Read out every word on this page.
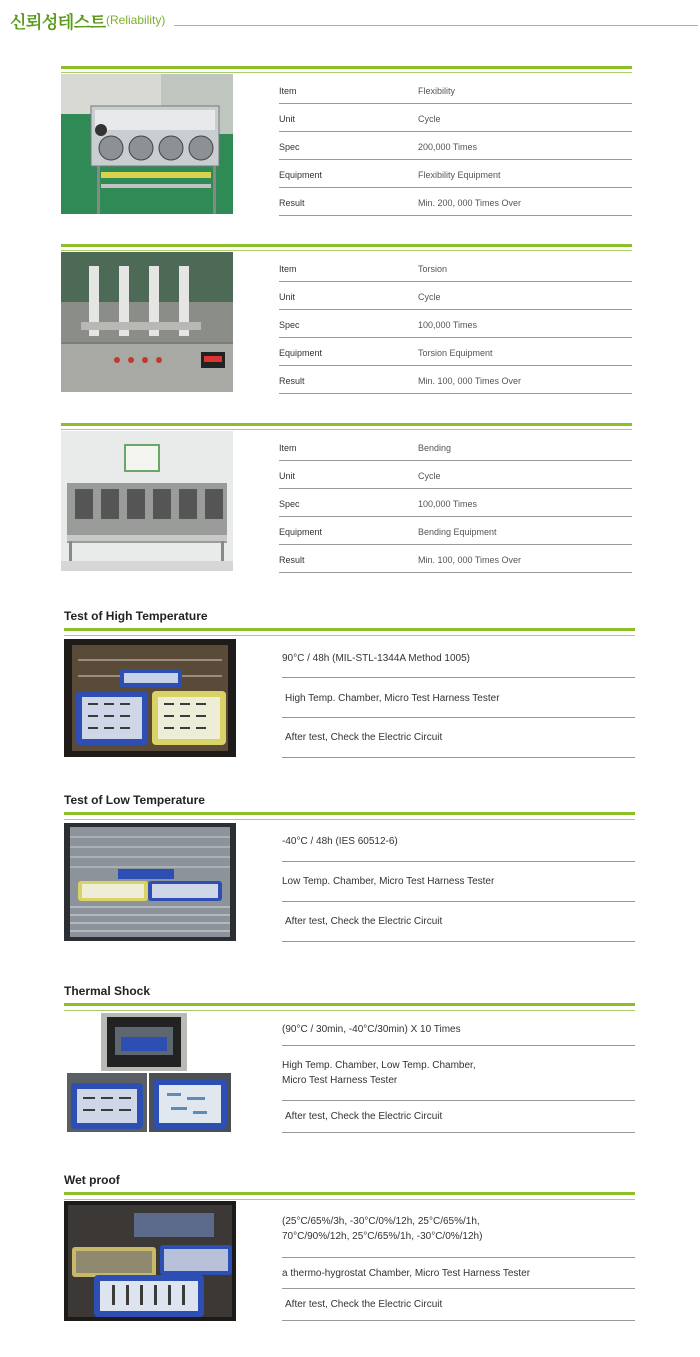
신뢰성테스트 (Reliability)
Item	Flexibility
Unit	Cycle
Spec	200,000 Times
Equipment	Flexibility Equipment
Result	Min. 200, 000 Times Over
Item	Torsion
Unit	Cycle
Spec	100,000 Times
Equipment	Torsion Equipment
Result	Min. 100, 000 Times Over
Item	Bending
Unit	Cycle
Spec	100,000 Times
Equipment	Bending Equipment
Result	Min. 100, 000 Times Over
Test of High Temperature
90°C / 48h (MIL-STL-1344A Method 1005)
High Temp. Chamber, Micro Test Harness Tester
After test, Check the Electric Circuit
Test of Low Temperature
-40°C / 48h (IES 60512-6)
Low Temp. Chamber, Micro Test Harness Tester
After test, Check the Electric Circuit
Thermal Shock
(90°C / 30min, -40°C/30min) X 10 Times
High Temp. Chamber, Low Temp. Chamber,
Micro Test Harness Tester
After test, Check the Electric Circuit
Wet proof
(25°C/65%/3h, -30°C/0%/12h, 25°C/65%/1h,
70°C/90%/12h, 25°C/65%/1h, -30°C/0%/12h)
a thermo-hygrostat Chamber, Micro Test Harness Tester
After test, Check the Electric Circuit
